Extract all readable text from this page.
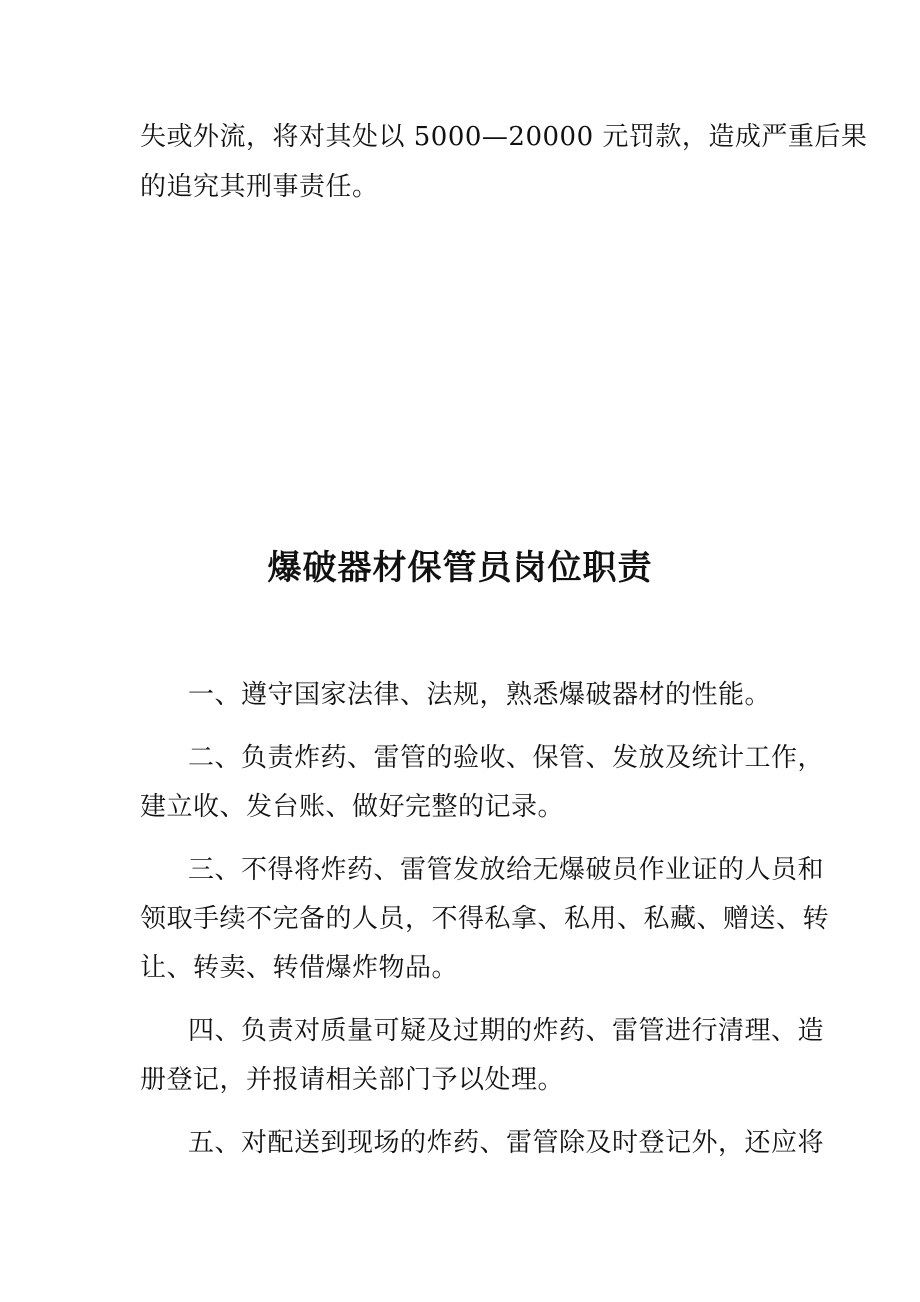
失或外流，将对其处以 5000—20000 元罚款，造成严重后果

的追究其刑事责任。

爆破器材保管员岗位职责

一、遵守国家法律、法规，熟悉爆破器材的性能。

二、负责炸药、雷管的验收、保管、发放及统计工作，

建立收、发台账、做好完整的记录。

三、不得将炸药、雷管发放给无爆破员作业证的人员和

领取手续不完备的人员，不得私拿、私用、私藏、赠送、转

让、转卖、转借爆炸物品。

四、负责对质量可疑及过期的炸药、雷管进行清理、造

册登记，并报请相关部门予以处理。

五、对配送到现场的炸药、雷管除及时登记外，还应将
